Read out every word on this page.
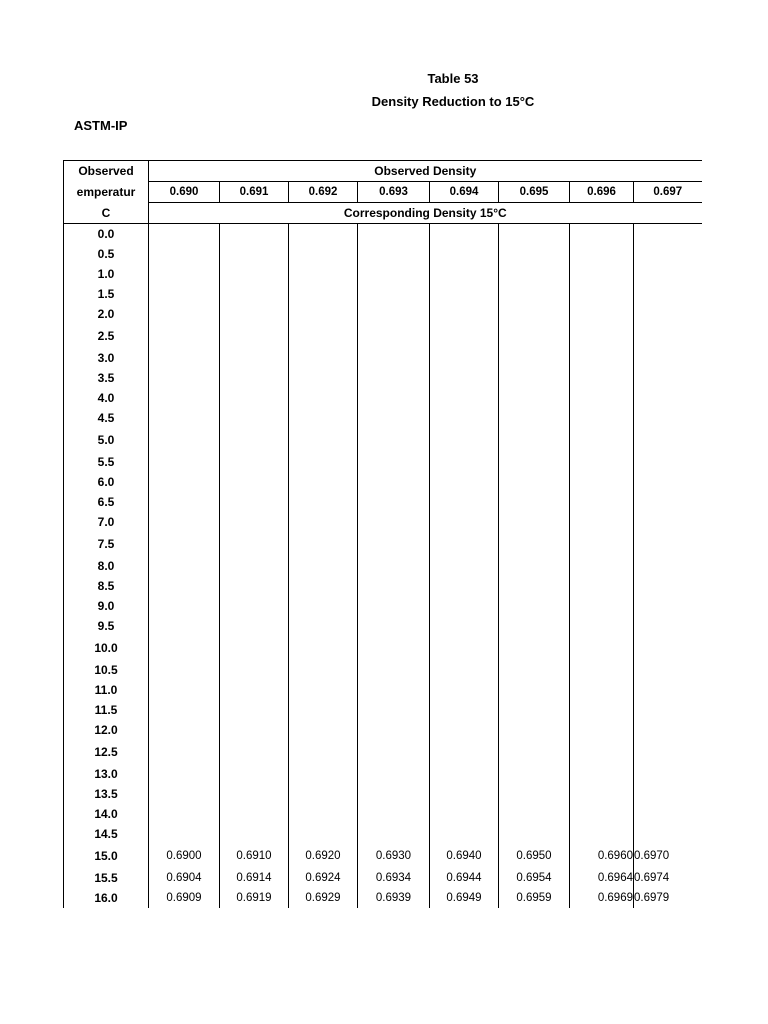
Table 53
Density Reduction to 15°C
ASTM-IP
Observed	Observed Density							
emperatur	0.690	0.691	0.692	0.693	0.694	0.695	0.696	0.697
C	Corresponding Density 15°C							
0.0								
0.5								
1.0								
1.5								
2.0								
2.5								
3.0								
3.5								
4.0								
4.5								
5.0								
5.5								
6.0								
6.5								
7.0								
7.5								
8.0								
8.5								
9.0								
9.5								
10.0								
10.5								
11.0								
11.5								
12.0								
12.5								
13.0								
13.5								
14.0								
14.5								
15.0	0.6900	0.6910	0.6920	0.6930	0.6940	0.6950	0.6960	0.6970
15.5	0.6904	0.6914	0.6924	0.6934	0.6944	0.6954	0.6964	0.6974
16.0	0.6909	0.6919	0.6929	0.6939	0.6949	0.6959	0.6969	0.6979
